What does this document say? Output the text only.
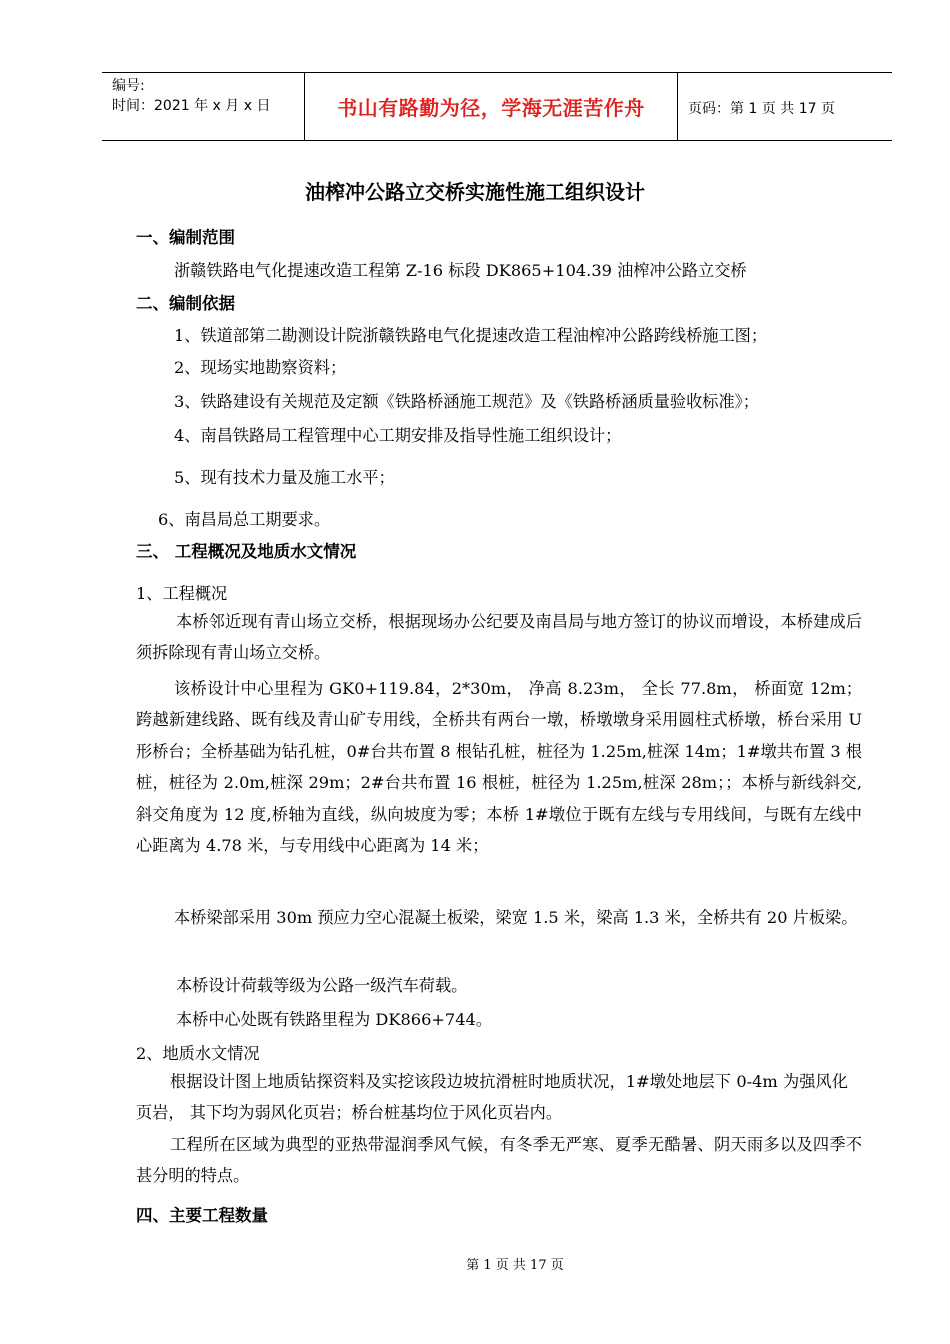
编号:
时间：2021 年 x 月 x 日	书山有路勤为径，学海无涯苦作舟	页码：第 1 页 共 17 页
油榨冲公路立交桥实施性施工组织设计
一、编制范围
浙赣铁路电气化提速改造工程第 Z-16 标段 DK865+104.39 油榨冲公路立交桥
二、编制依据
1、铁道部第二勘测设计院浙赣铁路电气化提速改造工程油榨冲公路跨线桥施工图；
2、现场实地勘察资料；
3、铁路建设有关规范及定额《铁路桥涵施工规范》及《铁路桥涵质量验收标准》；
4、南昌铁路局工程管理中心工期安排及指导性施工组织设计；
5、现有技术力量及施工水平；
6、南昌局总工期要求。
三、 工程概况及地质水文情况
1、工程概况
本桥邻近现有青山场立交桥，根据现场办公纪要及南昌局与地方签订的协议而增设，本桥建成后须拆除现有青山场立交桥。
该桥设计中心里程为 GK0+119.84，2*30m， 净高 8.23m， 全长 77.8m， 桥面宽 12m；跨越新建线路、既有线及青山矿专用线，全桥共有两台一墩，桥墩墩身采用圆柱式桥墩，桥台采用 U 形桥台；全桥基础为钻孔桩，0#台共布置 8 根钻孔桩，桩径为 1.25m,桩深 14m；1#墩共布置 3 根桩，桩径为 2.0m,桩深 29m；2#台共布置 16 根桩，桩径为 1.25m,桩深 28m；；本桥与新线斜交,斜交角度为 12 度,桥轴为直线，纵向坡度为零；本桥 1#墩位于既有左线与专用线间，与既有左线中心距离为 4.78 米，与专用线中心距离为 14 米；
本桥梁部采用 30m 预应力空心混凝土板梁，梁宽 1.5 米，梁高 1.3 米，全桥共有 20 片板梁。
本桥设计荷载等级为公路一级汽车荷载。
本桥中心处既有铁路里程为 DK866+744。
2、地质水文情况
根据设计图上地质钻探资料及实挖该段边坡抗滑桩时地质状况，1#墩处地层下 0-4m 为强风化页岩， 其下均为弱风化页岩；桥台桩基均位于风化页岩内。
工程所在区域为典型的亚热带湿润季风气候，有冬季无严寒、夏季无酷暑、阴天雨多以及四季不甚分明的特点。
四、主要工程数量
第 1 页 共 17 页
